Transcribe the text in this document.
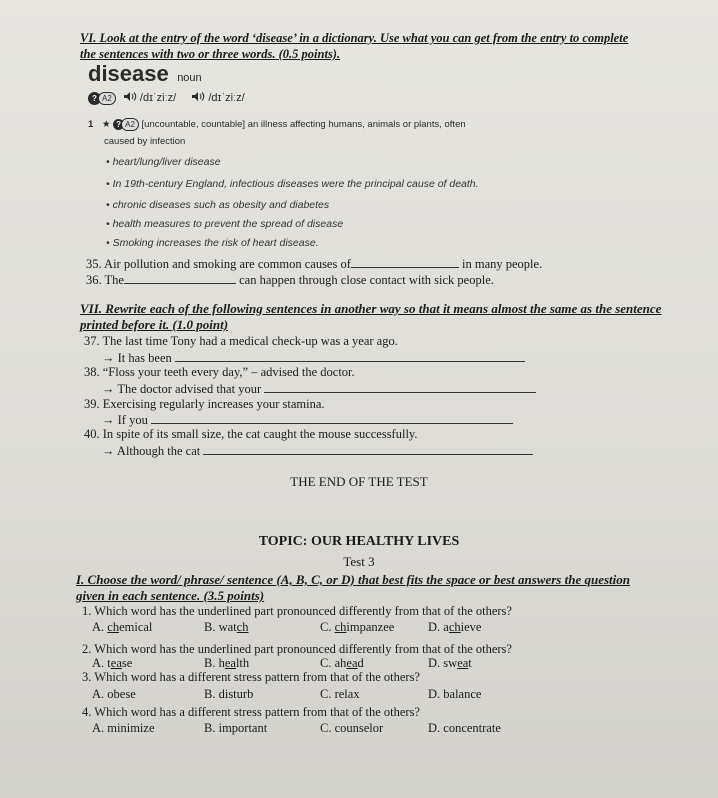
VI. Look at the entry of the word ‘disease’ in a dictionary. Use what you can get from the entry to complete
the sentences with two or three words. (0.5 points).
disease noun
? A2	/dɪˈziːz/	/dɪˈziːz/
1 ★ ? A2 [uncountable, countable] an illness affecting humans, animals or plants, often
caused by infection
• heart/lung/liver disease
• In 19th-century England, infectious diseases were the principal cause of death.
• chronic diseases such as obesity and diabetes
• health measures to prevent the spread of disease
• Smoking increases the risk of heart disease.
35. Air pollution and smoking are common causes of	in many people.
36. The	can happen through close contact with sick people.
VII. Rewrite each of the following sentences in another way so that it means almost the same as the sentence
printed before it. (1.0 point)
37. The last time Tony had a medical check-up was a year ago.
→ It has been
38. “Floss your teeth every day,” – advised the doctor.
→ The doctor advised that your
39. Exercising regularly increases your stamina.
→ If you
40. In spite of its small size, the cat caught the mouse successfully.
→ Although the cat
THE END OF THE TEST
TOPIC: OUR HEALTHY LIVES
Test 3
I. Choose the word/ phrase/ sentence (A, B, C, or D) that best fits the space or best answers the question
given in each sentence. (3.5 points)
1. Which word has the underlined part pronounced differently from that of the others?
2. Which word has the underlined part pronounced differently from that of the others?
3. Which word has a different stress pattern from that of the others?
4. Which word has a different stress pattern from that of the others?
A. chemical	B. watch	C. chimpanzee	D. achieve
A. tease	B. health	C. ahead	D. sweat
A. obese	B. disturb	C. relax	D. balance
A. minimize	B. important	C. counselor	D. concentrate
